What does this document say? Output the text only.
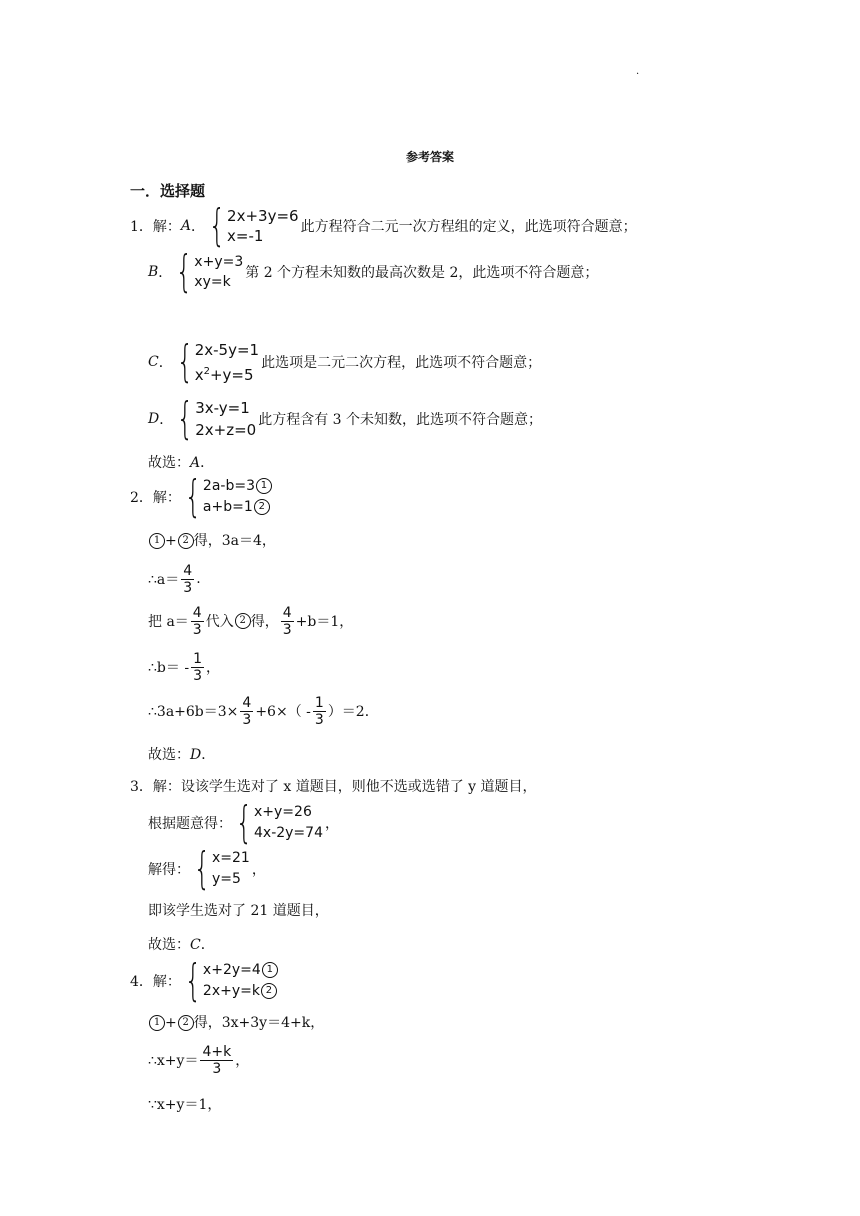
.
参考答案
一．选择题
1． 解： A ． { 2x+3y=6
x=-1	此方程符合二元一次方程组的定义，此选项符合题意；
B ． { x+y=3
xy=k
第 2 个方程未知数的最高次数是 2，此选项不符合题意；
C ． { 2x-5y=1
$x^2+y=5$
此选项是二元二次方程，此选项不符合题意；
D ． { 3x-y=1
2x+z=0
此方程含有 3 个未知数，此选项不符合题意；
故选：A．
2． 解： { 2a-b=3 1
a+b=1 2
1 + 2 得，3a＝4，
∴a＝ $\frac{4}{3}$ .
把 $a= \frac{4}{3}$ 代入 2 得， $\frac{4}{3} +b=1$，
∴b＝ - $\frac{1}{3}$ ，
∴3a+6b＝3× $\frac{4}{3} +6\times( - \frac{1}{3} )=2$．
故选：D．
3．解：设该学生选对了 x 道题目，则他不选或选错了 y 道题目，
根据题意得： { x+y=26
4x-2y=74
，
解得： { x=21
y=5
，
即该学生选对了 21 道题目，
故选：C．
4． 解： { x+2y=4 1
2x+y=k 2
1 + 2 得，3x+3y＝4+k，
∴x+y＝ $\frac{4+k}{3}$ ，
∵x+y＝1，
